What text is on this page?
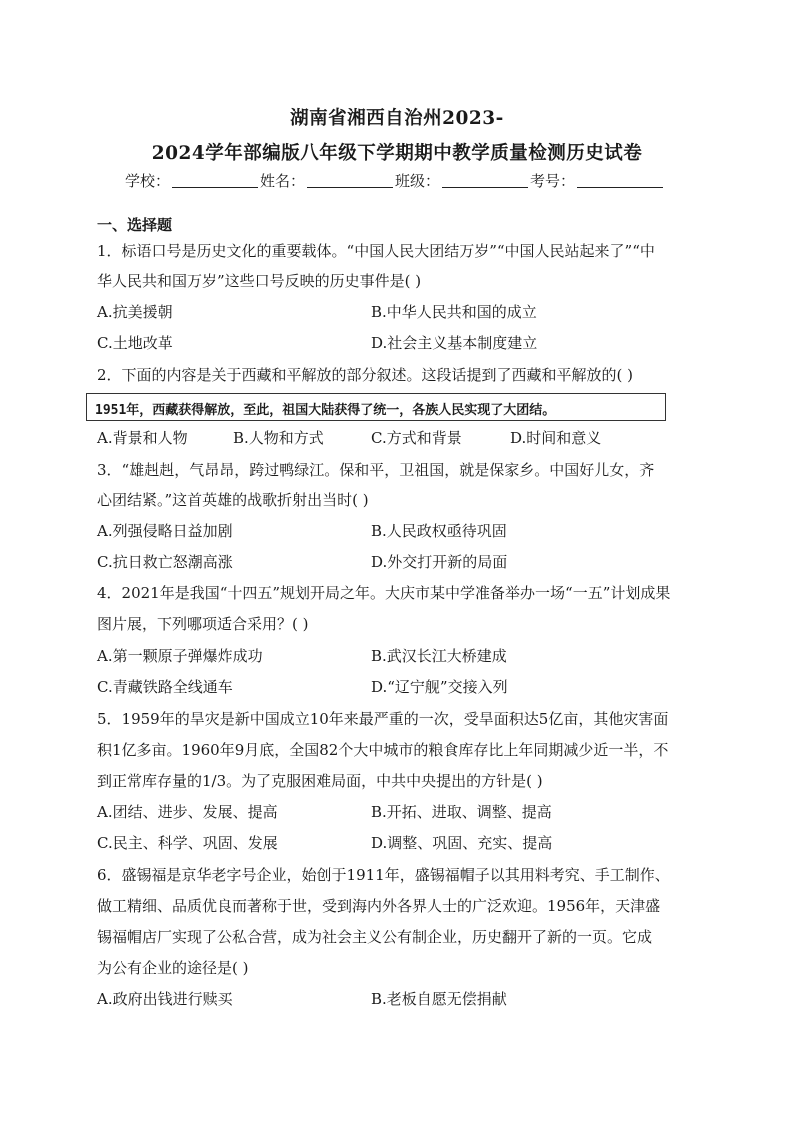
湖南省湘西自治州2023-
2024学年部编版八年级下学期期中教学质量检测历史试卷
学校：	姓名：	班级：	考号：
一、选择题
1．标语口号是历史文化的重要载体。“中国人民大团结万岁”“中国人民站起来了”“中
华人民共和国万岁”这些口号反映的历史事件是( )
A.抗美援朝	B.中华人民共和国的成立
C.土地改革	D.社会主义基本制度建立
2．下面的内容是关于西藏和平解放的部分叙述。这段话提到了西藏和平解放的( )
1951年，西藏获得解放，至此，祖国大陆获得了统一，各族人民实现了大团结。
A.背景和人物	B.人物和方式	C.方式和背景	D.时间和意义
3．“雄赳赳，气昂昂，跨过鸭绿江。保和平，卫祖国，就是保家乡。中国好儿女，齐
心团结紧。”这首英雄的战歌折射出当时( )
A.列强侵略日益加剧	B.人民政权亟待巩固
C.抗日救亡怒潮高涨	D.外交打开新的局面
4．2021年是我国“十四五”规划开局之年。大庆市某中学准备举办一场“一五”计划成果
图片展，下列哪项适合采用？( )
A.第一颗原子弹爆炸成功	B.武汉长江大桥建成
C.青藏铁路全线通车	D.“辽宁舰”交接入列
5．1959年的旱灾是新中国成立10年来最严重的一次，受旱面积达5亿亩，其他灾害面
积1亿多亩。1960年9月底，全国82个大中城市的粮食库存比上年同期减少近一半，不
到正常库存量的1/3。为了克服困难局面，中共中央提出的方针是( )
A.团结、进步、发展、提高	B.开拓、进取、调整、提高
C.民主、科学、巩固、发展	D.调整、巩固、充实、提高
6．盛锡福是京华老字号企业，始创于1911年，盛锡福帽子以其用料考究、手工制作、
做工精细、品质优良而著称于世，受到海内外各界人士的广泛欢迎。1956年，天津盛
锡福帽店厂实现了公私合营，成为社会主义公有制企业，历史翻开了新的一页。它成
为公有企业的途径是( )
A.政府出钱进行赎买	B.老板自愿无偿捐献
